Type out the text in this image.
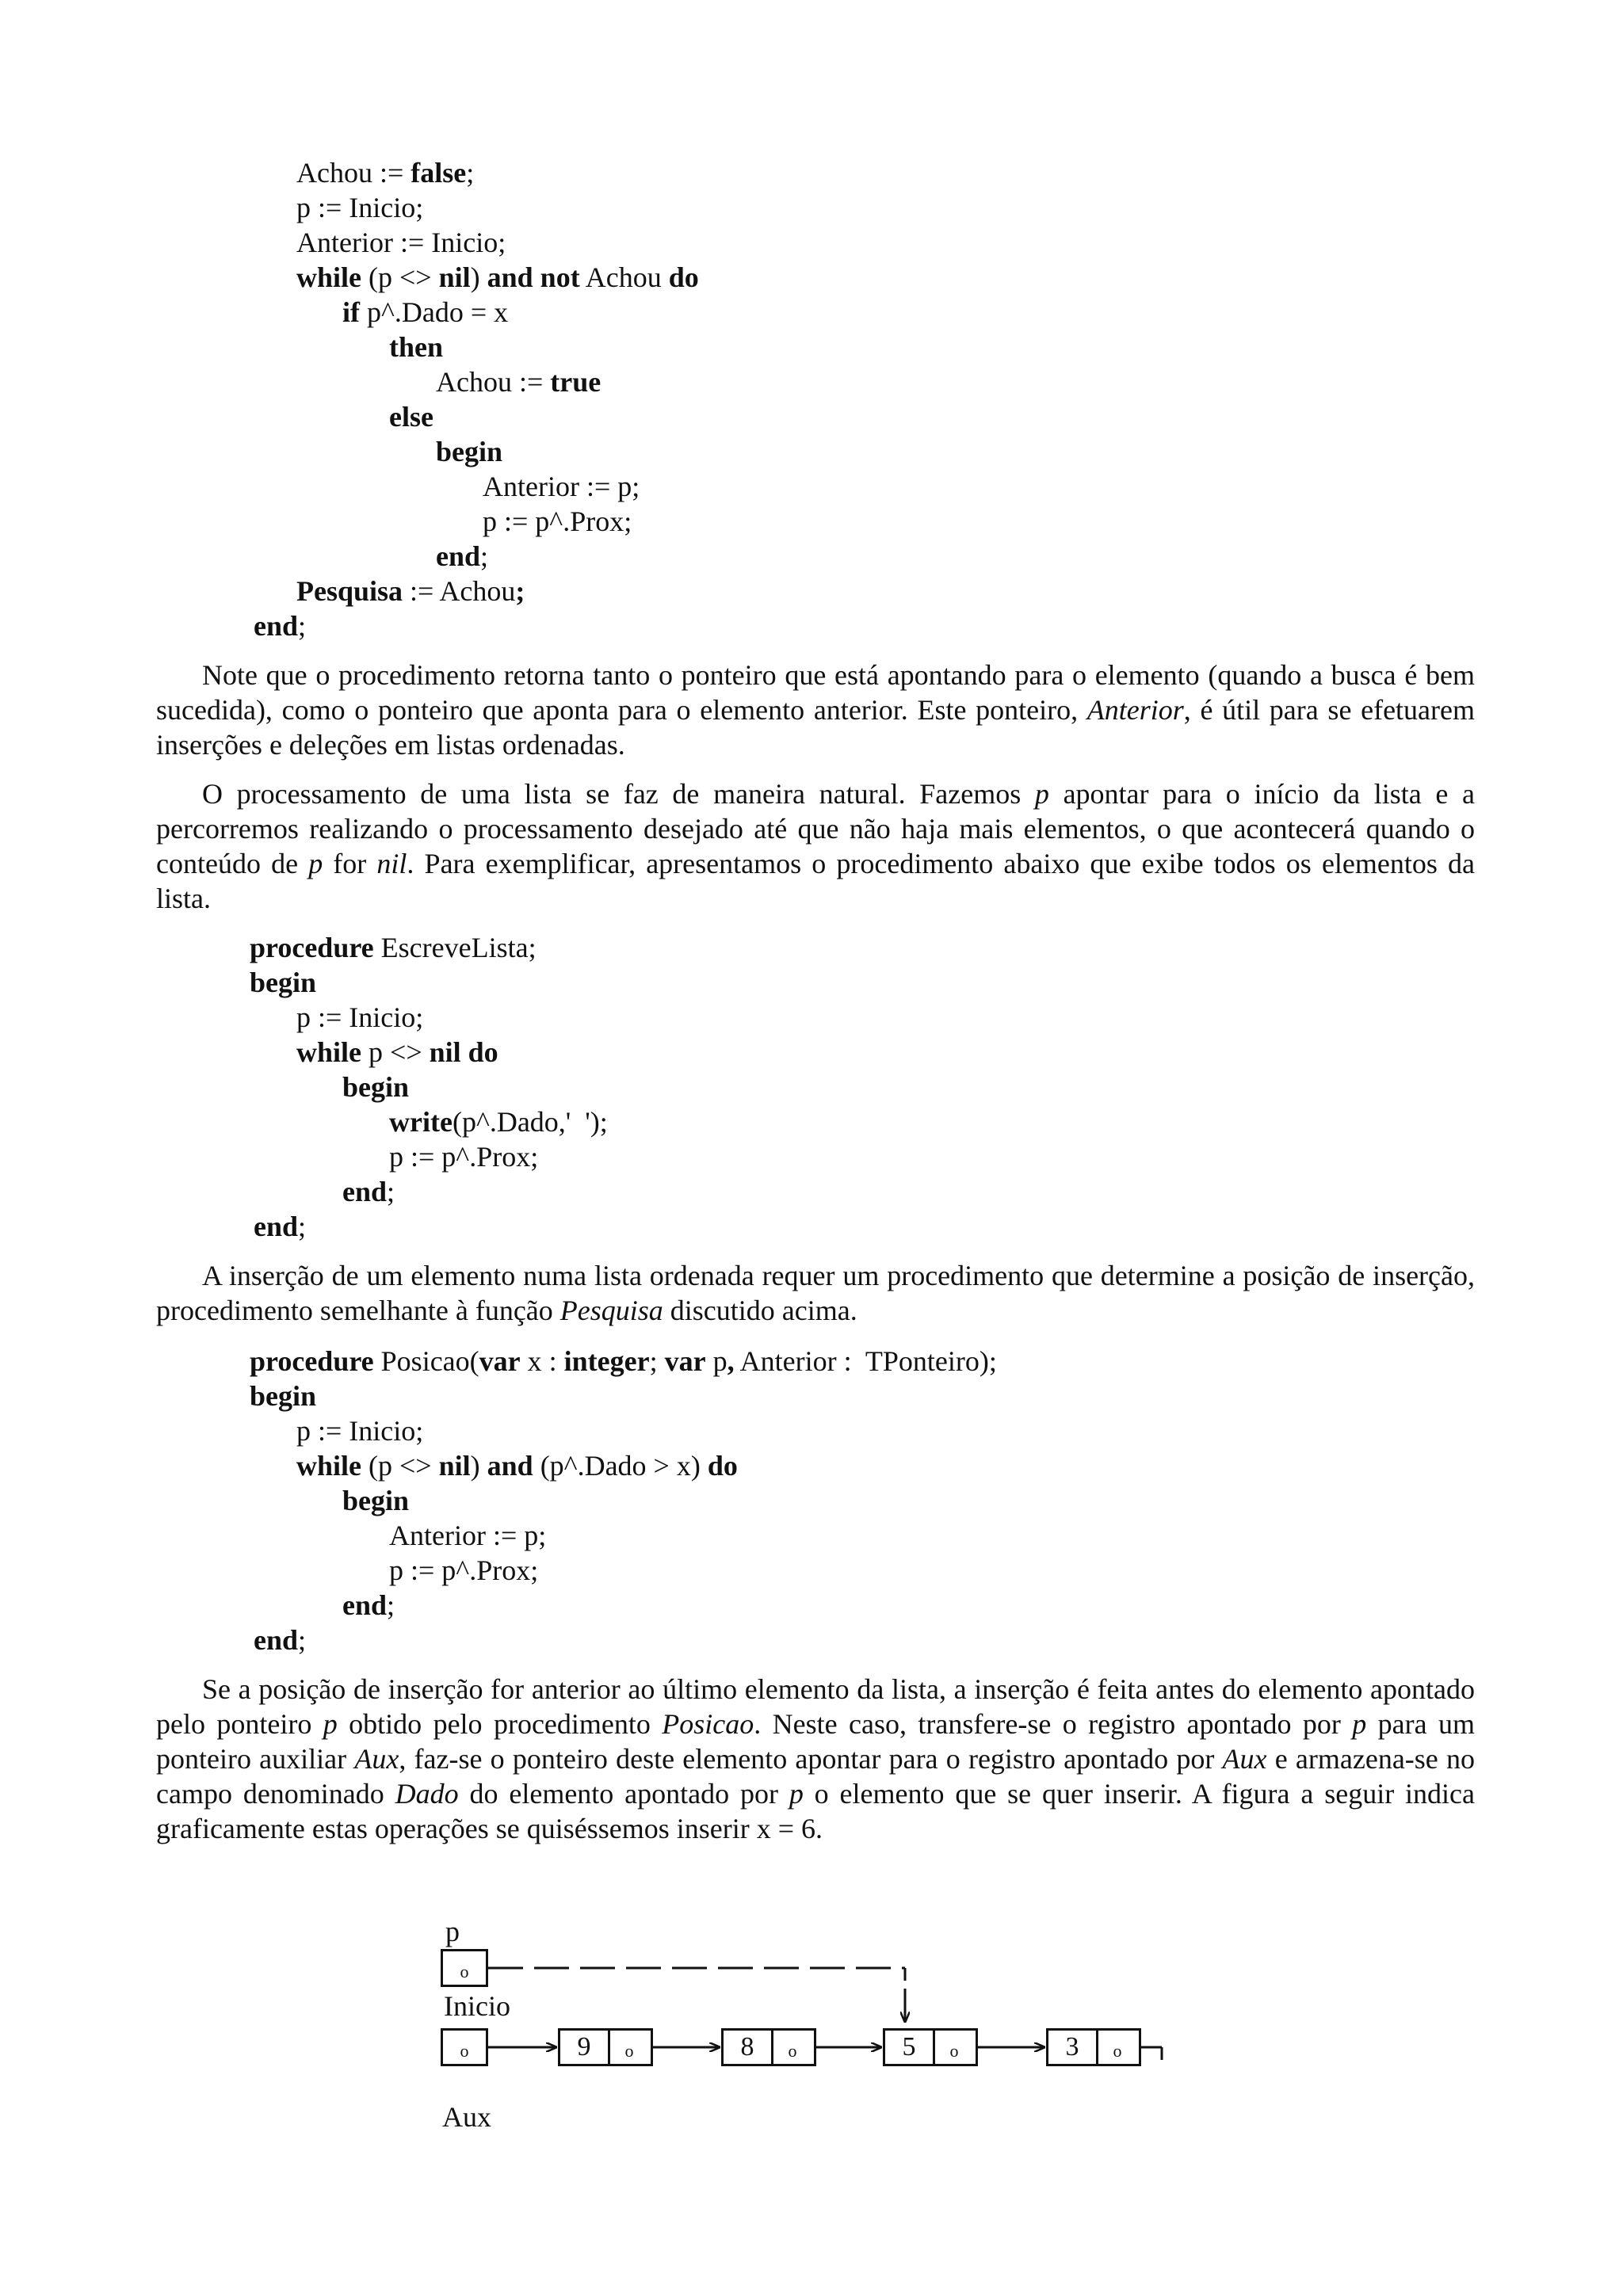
Achou := false;
p := Inicio;
Anterior := Inicio;
while (p <> nil) and not Achou do
if p^.Dado = x
then
Achou := true
else
begin
Anterior := p;
p := p^.Prox;
end;
Pesquisa := Achou;
end;

Note que o procedimento retorna tanto o ponteiro que está apontando para o elemento (quando a busca é bem sucedida), como o ponteiro que aponta para o elemento anterior. Este ponteiro, Anterior, é útil para se efetuarem inserções e deleções em listas ordenadas.

O processamento de uma lista se faz de maneira natural. Fazemos p apontar para o início da lista e a percorremos realizando o processamento desejado até que não haja mais elementos, o que acontecerá quando o conteúdo de p for nil. Para exemplificar, apresentamos o procedimento abaixo que exibe todos os elementos da lista.

procedure EscreveLista;
begin
p := Inicio;
while p <> nil do
begin
write(p^.Dado,'  ');
p := p^.Prox;
end;
end;

A inserção de um elemento numa lista ordenada requer um procedimento que determine a posição de inserção, procedimento semelhante à função Pesquisa discutido acima.

procedure Posicao(var x : integer; var p, Anterior :  TPonteiro);
begin
p := Inicio;
while (p <> nil) and (p^.Dado > x) do
begin
Anterior := p;
p := p^.Prox;
end;
end;

Se a posição de inserção for anterior ao último elemento da lista, a inserção é feita antes do elemento apontado pelo ponteiro p obtido pelo procedimento Posicao. Neste caso, transfere-se o registro apontado por p para um ponteiro auxiliar Aux, faz-se o ponteiro deste elemento apontar para o registro apontado por Aux e armazena-se no campo denominado Dado do elemento apontado por p o elemento que se quer inserir. A figura a seguir indica graficamente estas operações se quiséssemos inserir x = 6.

p
o
Inicio
o	9	o	8	o	5	o	3	o
Aux
